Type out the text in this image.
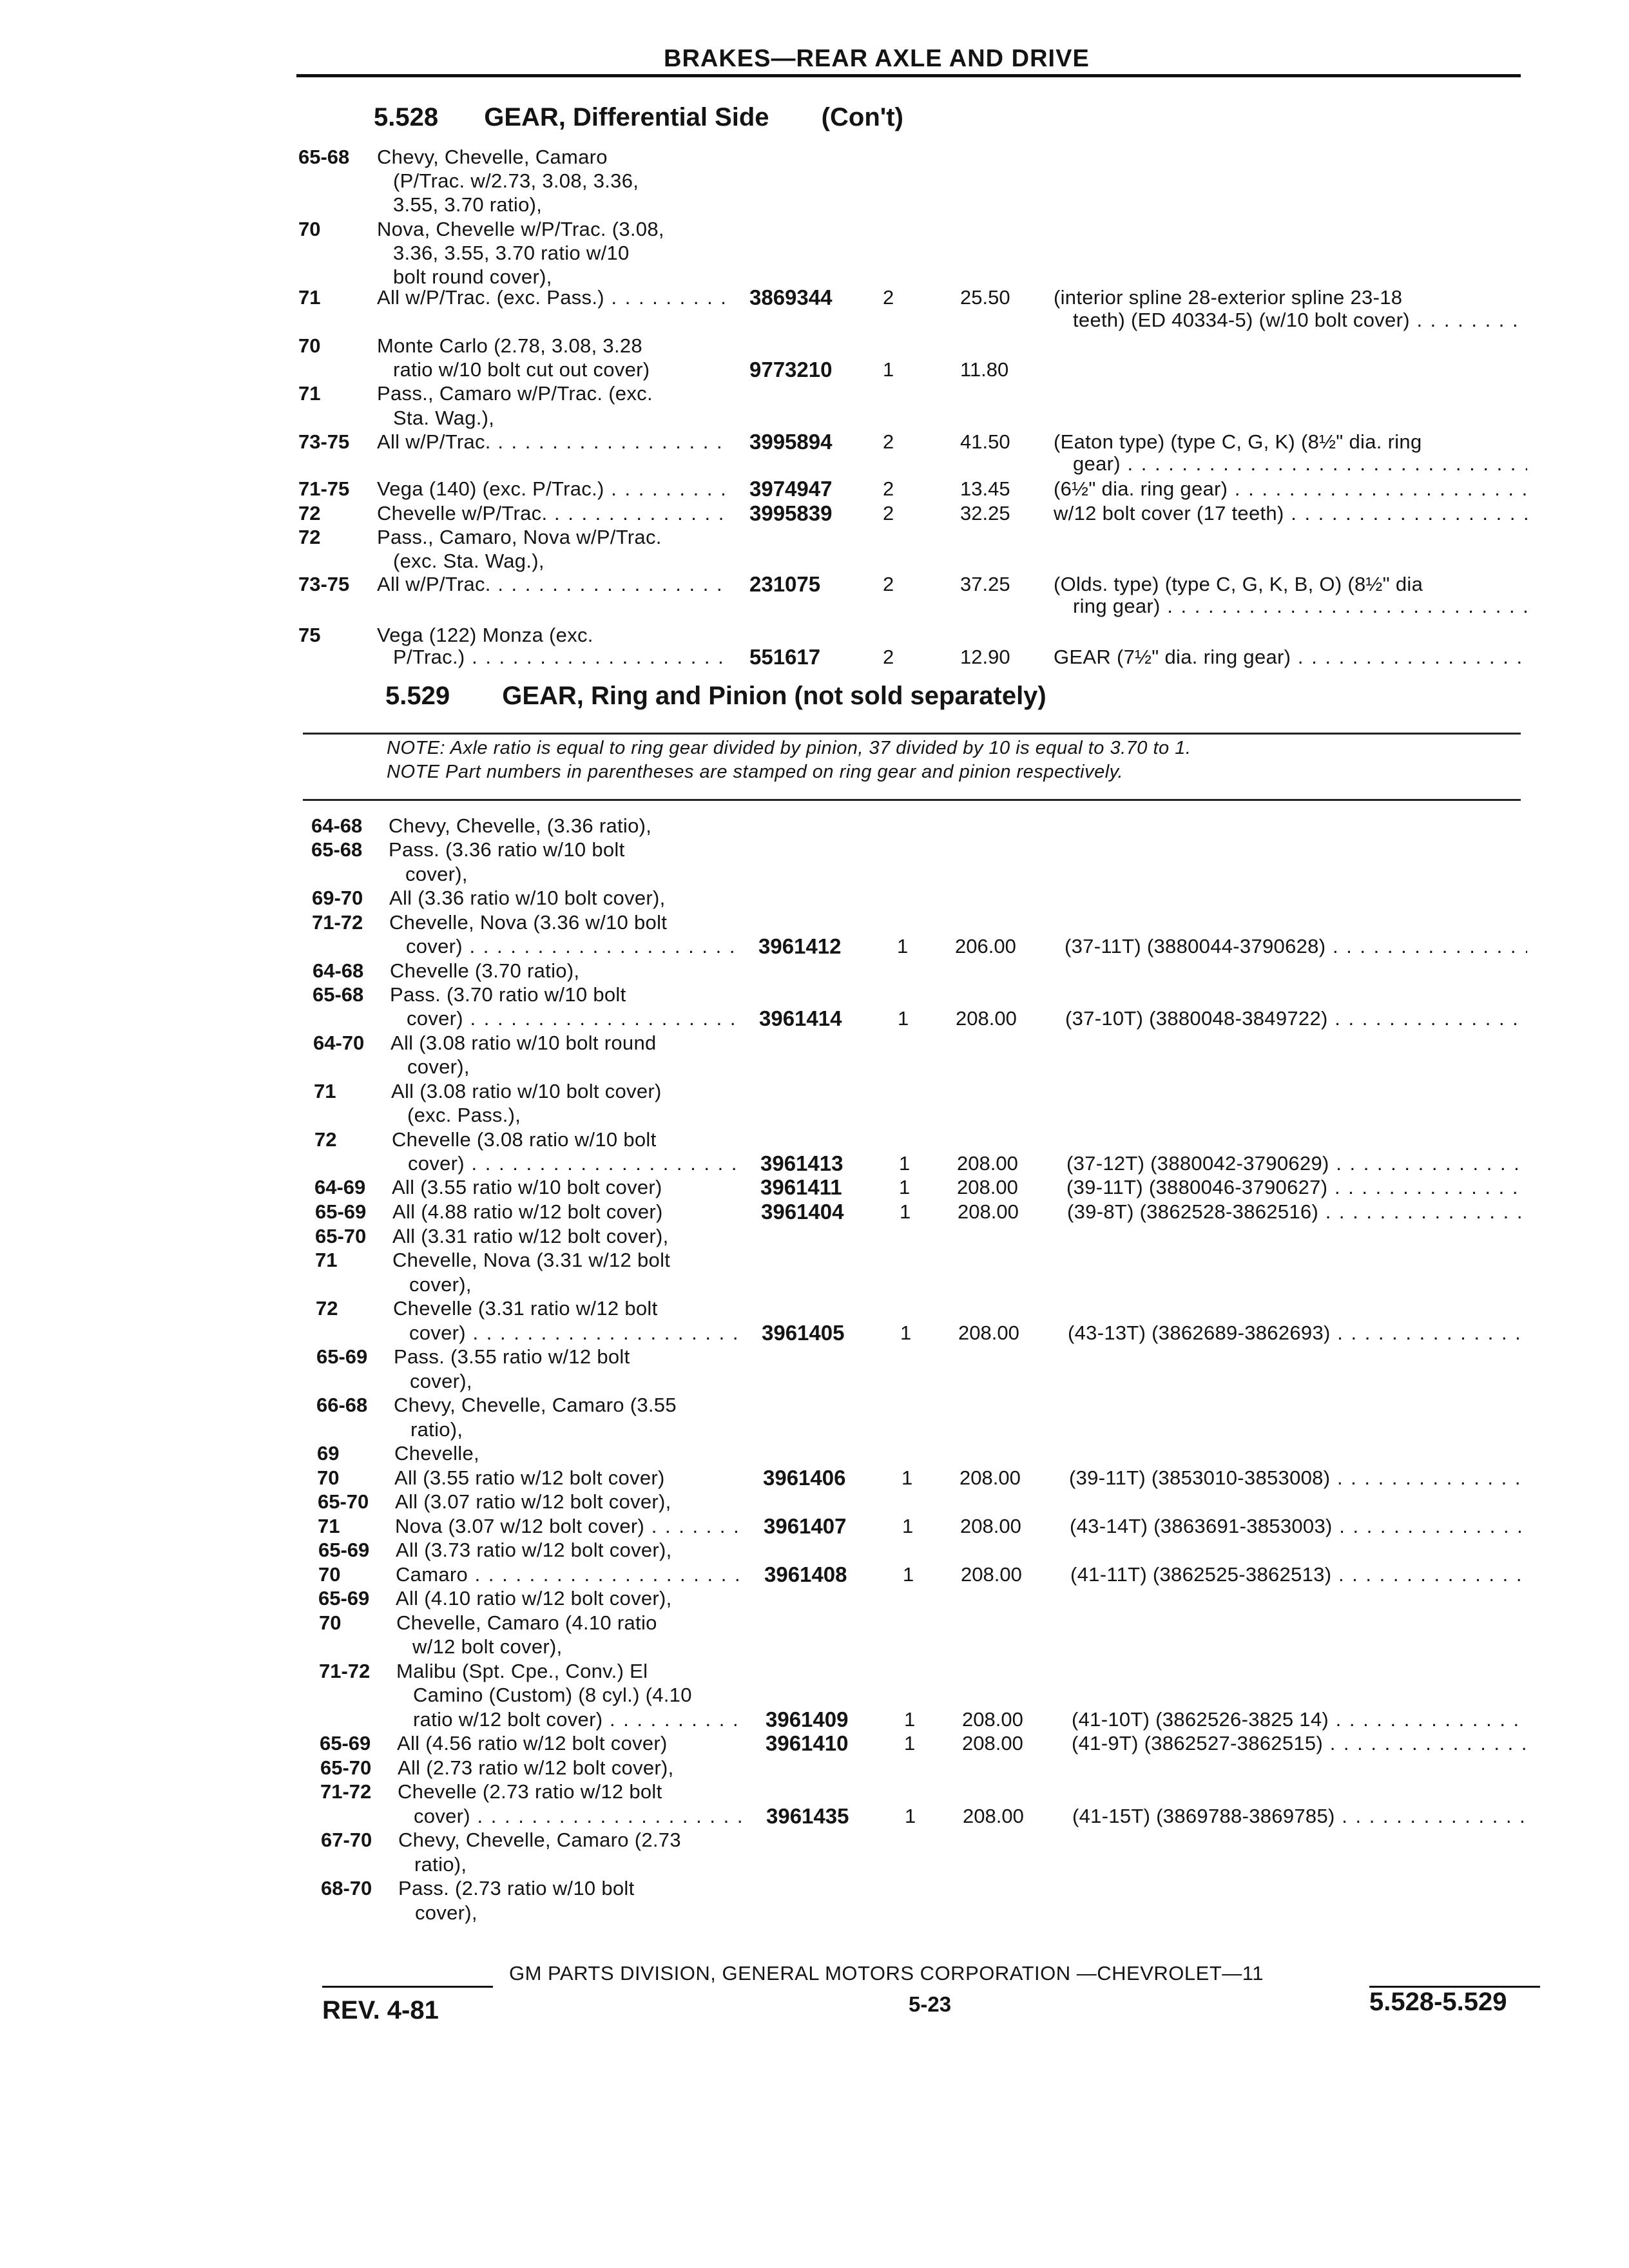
BRAKES—REAR AXLE AND DRIVE
5.528 GEAR, Differential Side (Con't)
5.529 GEAR, Ring and Pinion (not sold separately)
NOTE: Axle ratio is equal to ring gear divided by pinion, 37 divided by 10 is equal to 3.70 to 1.
NOTE Part numbers in parentheses are stamped on ring gear and pinion respectively.
65-68 Chevy, Chevelle, Camaro
(P/Trac. w/2.73, 3.08, 3.36,
3.55, 3.70 ratio),
70	Nova, Chevelle w/P/Trac. (3.08,
3.36, 3.55, 3.70 ratio w/10
bolt round cover),
71	All w/P/Trac. (exc. Pass.) . . .	3869344	2	25.50 (interior spline 28-exterior spline 23-18
teeth) (ED 40334-5) (w/10 bolt cover) . . .
70	Monte Carlo (2.78, 3.08, 3.28
ratio w/10 bolt cut out cover)	9773210	1	11.80
71	Pass., Camaro w/P/Trac. (exc.
Sta. Wag.),
73-75 All w/P/Trac. . . .	3995894	2	41.50 (Eaton type) (type C, G, K) (8½" dia. ring
gear) . . .
71-75 Vega (140) (exc. P/Trac.) . . .	3974947	2	13.45 (6½" dia. ring gear) . . .
72	Chevelle w/P/Trac. . . .	3995839	2	32.25 w/12 bolt cover (17 teeth) . . .
72	Pass., Camaro, Nova w/P/Trac.
(exc. Sta. Wag.),
73-75 All w/P/Trac. . . .	231075	2	37.25 (Olds. type) (type C, G, K, B, O) (8½" dia
ring gear) . . .
75	Vega (122) Monza (exc.
P/Trac.) . . .	551617	2	12.90 GEAR (7½" dia. ring gear) . . .
64-68 Chevy, Chevelle, (3.36 ratio),
65-68 Pass. (3.36 ratio w/10 bolt
cover),
69-70 All (3.36 ratio w/10 bolt cover),
71-72 Chevelle, Nova (3.36 w/10 bolt
cover) . . .	3961412	1 206.00 (37-11T) (3880044-3790628) . . .
64-68 Chevelle (3.70 ratio),
65-68 Pass. (3.70 ratio w/10 bolt
cover) . . .	3961414	1 208.00 (37-10T) (3880048-3849722) . . .
64-70 All (3.08 ratio w/10 bolt round
cover),
71	All (3.08 ratio w/10 bolt cover)
(exc. Pass.),
72	Chevelle (3.08 ratio w/10 bolt
cover) . . .	3961413	1 208.00 (37-12T) (3880042-3790629) . . .
64-69 All (3.55 ratio w/10 bolt cover)	3961411	1 208.00 (39-11T) (3880046-3790627) . . .
65-69 All (4.88 ratio w/12 bolt cover)	3961404	1 208.00 (39-8T) (3862528-3862516) . . .
65-70 All (3.31 ratio w/12 bolt cover),
71	Chevelle, Nova (3.31 w/12 bolt
cover),
72	Chevelle (3.31 ratio w/12 bolt
cover) . . .	3961405	1 208.00 (43-13T) (3862689-3862693) . . .
65-69 Pass. (3.55 ratio w/12 bolt
cover),
66-68 Chevy, Chevelle, Camaro (3.55
ratio),
69	Chevelle,
70	All (3.55 ratio w/12 bolt cover)	3961406	1 208.00 (39-11T) (3853010-3853008) . . .
65-70 All (3.07 ratio w/12 bolt cover),
71	Nova (3.07 w/12 bolt cover) . . .	3961407	1 208.00 (43-14T) (3863691-3853003) . . .
65-69 All (3.73 ratio w/12 bolt cover),
70	Camaro . . .	3961408	1 208.00 (41-11T) (3862525-3862513) . . .
65-69 All (4.10 ratio w/12 bolt cover),
70	Chevelle, Camaro (4.10 ratio
w/12 bolt cover),
71-72 Malibu (Spt. Cpe., Conv.) El
Camino (Custom) (8 cyl.) (4.10
ratio w/12 bolt cover) . . .	3961409	1 208.00 (41-10T) (3862526-3825 14) . . .
65-69 All (4.56 ratio w/12 bolt cover)	3961410	1 208.00 (41-9T) (3862527-3862515) . . .
65-70 All (2.73 ratio w/12 bolt cover),
71-72 Chevelle (2.73 ratio w/12 bolt
cover) . . .	3961435	1 208.00 (41-15T) (3869788-3869785) . . .
67-70 Chevy, Chevelle, Camaro (2.73
ratio),
68-70 Pass. (2.73 ratio w/10 bolt
cover),
GM PARTS DIVISION, GENERAL MOTORS CORPORATION —CHEVROLET—11
5-23
REV. 4-81	5.528-5.529
